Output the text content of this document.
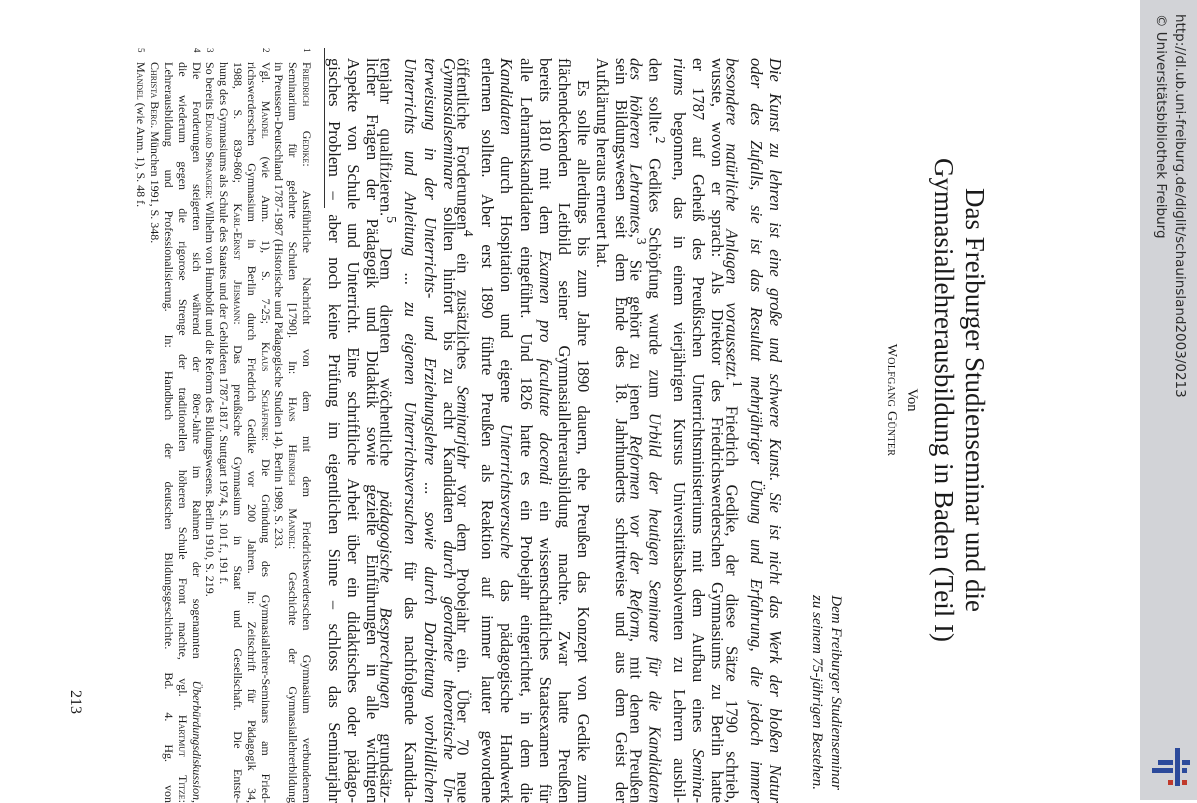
Das Freiburger Studienseminar und die
Gymnasiallehrerausbildung in Baden (Teil I)
Von
Wolfgang Günter
Dem Freiburger Studienseminar
zu seinem 75-jährigen Bestehen.
Die Kunst zu lehren ist eine große und schwere Kunst. Sie ist nicht das Werk der bloßen Natur
oder des Zufalls, sie ist das Resultat mehrjähriger Übung und Erfahrung, die jedoch immer
besondere natürliche Anlagen voraussetzt.$^1$ Friedrich Gedike, der diese Sätze 1790 schrieb,
wusste, wovon er sprach: Als Direktor des Friedrichswerderschen Gymnasiums zu Berlin hatte
er 1787 auf Geheiß des Preußischen Unterrichtsministeriums mit dem Aufbau eines Semina-
riums begonnen, das in einem vierjährigen Kursus Universitätsabsolventen zu Lehrern ausbil-
den sollte.$^2$ Gedikes Schöpfung wurde zum Urbild der heutigen Seminare für die Kandidaten
des höheren Lehramtes,$^3$ Sie gehört zu jenen Reformen vor der Reform, mit denen Preußen
sein Bildungswesen seit dem Ende des 18. Jahrhunderts schrittweise und aus dem Geist der
Aufklärung heraus erneuert hat.
Es sollte allerdings bis zum Jahre 1890 dauern, ehe Preußen das Konzept von Gedike zum
flächendeckenden Leitbild seiner Gymnasiallehrerausbildung machte. Zwar hatte Preußen
bereits 1810 mit dem Examen pro facultate docendi ein wissenschaftliches Staatsexamen für
alle Lehramtskandidaten eingeführt. Und 1826 hatte es ein Probejahr eingerichtet, in dem die
Kandidaten durch Hospitation und eigene Unterrichtsversuche das pädagogische Handwerk
erlernen sollten. Aber erst 1890 führte Preußen als Reaktion auf immer lauter gewordene
öffentliche Forderungen$^4$ ein zusätzliches Seminarjahr vor dem Probejahr ein. Über 70 neue
Gymnasialseminare sollten hinfort bis zu acht Kandidaten durch geordnete theoretische Un-
terweisung in der Unterrichts- und Erziehungslehre ... sowie durch Darbietung vorbildlichen
Unterrichts und Anleitung ... zu eigenen Unterrichtsversuchen für das nachfolgende Kandida-
tenjahr qualifizieren.$^5$ Dem dienten wöchentliche pädagogische Besprechungen grundsätz-
licher Fragen der Pädagogik und Didaktik sowie gezielte Einführungen in alle wichtigen
Aspekte von Schule und Unterricht. Eine schriftliche Arbeit über ein didaktisches oder pädago-
gisches Problem – aber noch keine Prüfung im eigentlichen Sinne – schloss das Seminarjahr
1
Friedrich Gedike: Ausführliche Nachricht von dem mit dem Friedrichswerderschen Gymnasium verbundenem
Seminarium für gelehrte Schulen [1790]. In: Hans Heinrich Mandel: Geschichte der Gymnasiallehrerbildung
in Preussen-Deutschland 1787-1987 (Historische und Pädagogische Studien 14). Berlin 1989, S. 233.
2
Vgl. Mandel (wie Anm. 1), S. 7-25; Klaus Schäffner: Die Gründung des Gymnasiallehrer-Seminars am Fried-
richswerderschen Gymnasium in Berlin durch Friedrich Gedike vor 200 Jahren. In: Zeitschrift für Pädagogik 34,
1988, S. 839-860; Karl-Ernst Jeismann: Das preußische Gymnasium in Staat und Gesellschaft. Die Entste-
hung des Gymnasiums als Schule des Staates und der Gebildeten 1787-1817. Stuttgart 1974, S. 101 f., 191 f.
3
So bereits Eduard Spranger: Wilhelm von Humboldt und die Reform des Bildungswesens. Berlin 1910, S. 219.
4
Die Forderungen steigerten sich während der 80er-Jahre im Rahmen der sogenannten Überbürdungsdiskussion,
die wiederum gegen die rigorose Strenge der traditionellen höheren Schule Front machte, vgl. Hartmut Titze:
Lehrerausbildung und Professionalisierung. In: Handbuch der deutschen Bildungsgeschichte. Bd. 4. Hg. von
Christa Berg. München 1991, S. 348.
5
Mandel (wie Anm. 1), S. 48 f.
213
http://dl.ub.uni-freiburg.de/diglit/schauinsland2003/0213
© Universitätsbibliothek Freiburg
